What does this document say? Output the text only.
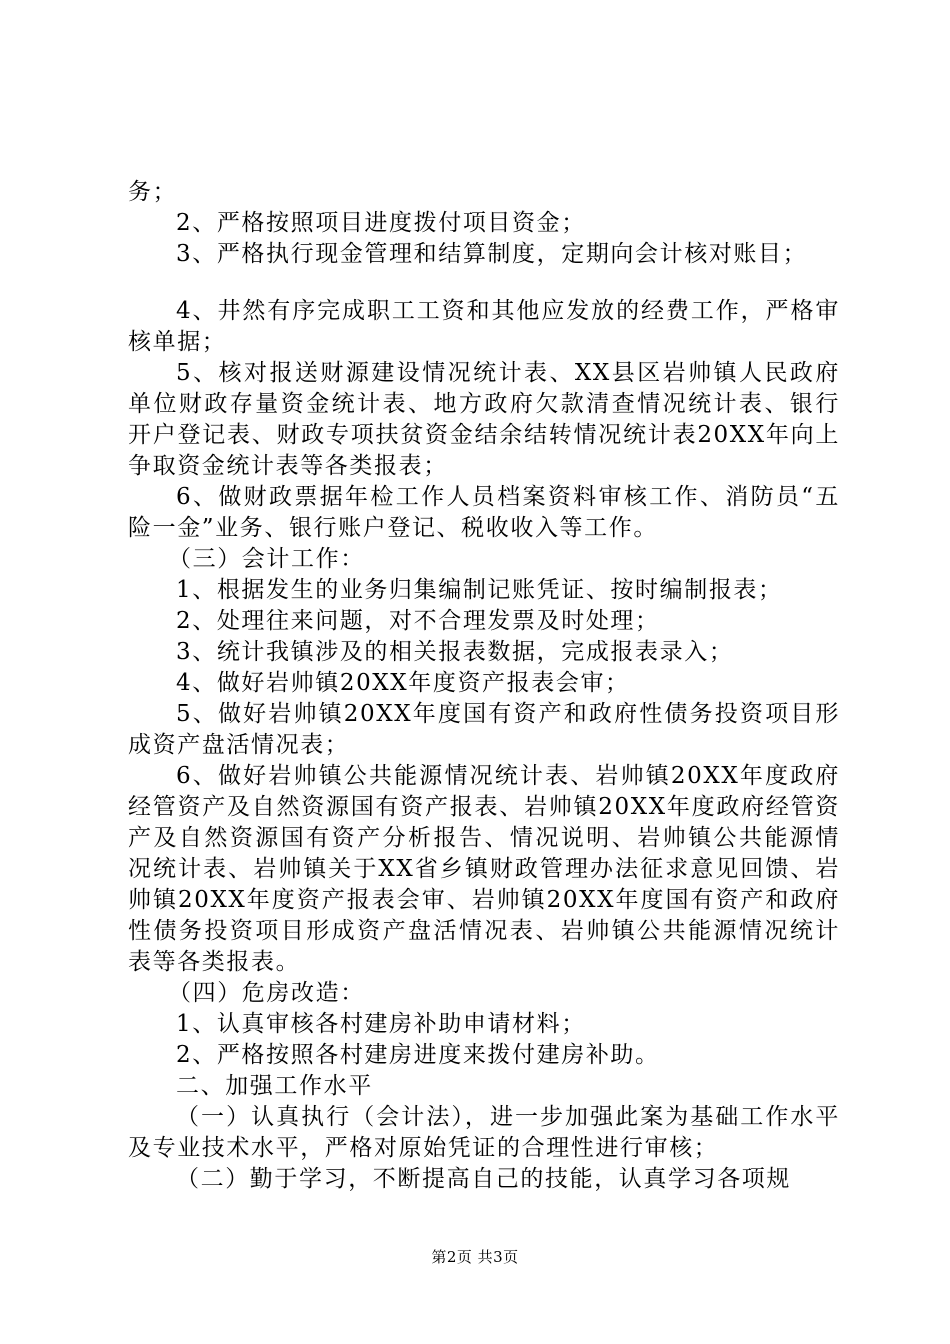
务；

2、严格按照项目进度拨付项目资金；

3、严格执行现金管理和结算制度，定期向会计核对账目；

4、井然有序完成职工工资和其他应发放的经费工作，严格审核单据；

5、核对报送财源建设情况统计表、XX县区岩帅镇人民政府单位财政存量资金统计表、地方政府欠款清查情况统计表、银行开户登记表、财政专项扶贫资金结余结转情况统计表20XX年向上争取资金统计表等各类报表；

6、做财政票据年检工作人员档案资料审核工作、消防员“五险一金”业务、银行账户登记、税收收入等工作。

（三）会计工作：

1、根据发生的业务归集编制记账凭证、按时编制报表；

2、处理往来问题，对不合理发票及时处理；

3、统计我镇涉及的相关报表数据，完成报表录入；

4、做好岩帅镇20XX年度资产报表会审；

5、做好岩帅镇20XX年度国有资产和政府性债务投资项目形成资产盘活情况表；

6、做好岩帅镇公共能源情况统计表、岩帅镇20XX年度政府经管资产及自然资源国有资产报表、岩帅镇20XX年度政府经管资产及自然资源国有资产分析报告、情况说明、岩帅镇公共能源情况统计表、岩帅镇关于XX省乡镇财政管理办法征求意见回馈、岩帅镇20XX年度资产报表会审、岩帅镇20XX年度国有资产和政府性债务投资项目形成资产盘活情况表、岩帅镇公共能源情况统计表等各类报表。

（四）危房改造：

1、认真审核各村建房补助申请材料；

2、严格按照各村建房进度来拨付建房补助。

二、加强工作水平

（一）认真执行（会计法），进一步加强此案为基础工作水平及专业技术水平，严格对原始凭证的合理性进行审核；

（二）勤于学习，不断提高自己的技能，认真学习各项规

第2页 共3页
